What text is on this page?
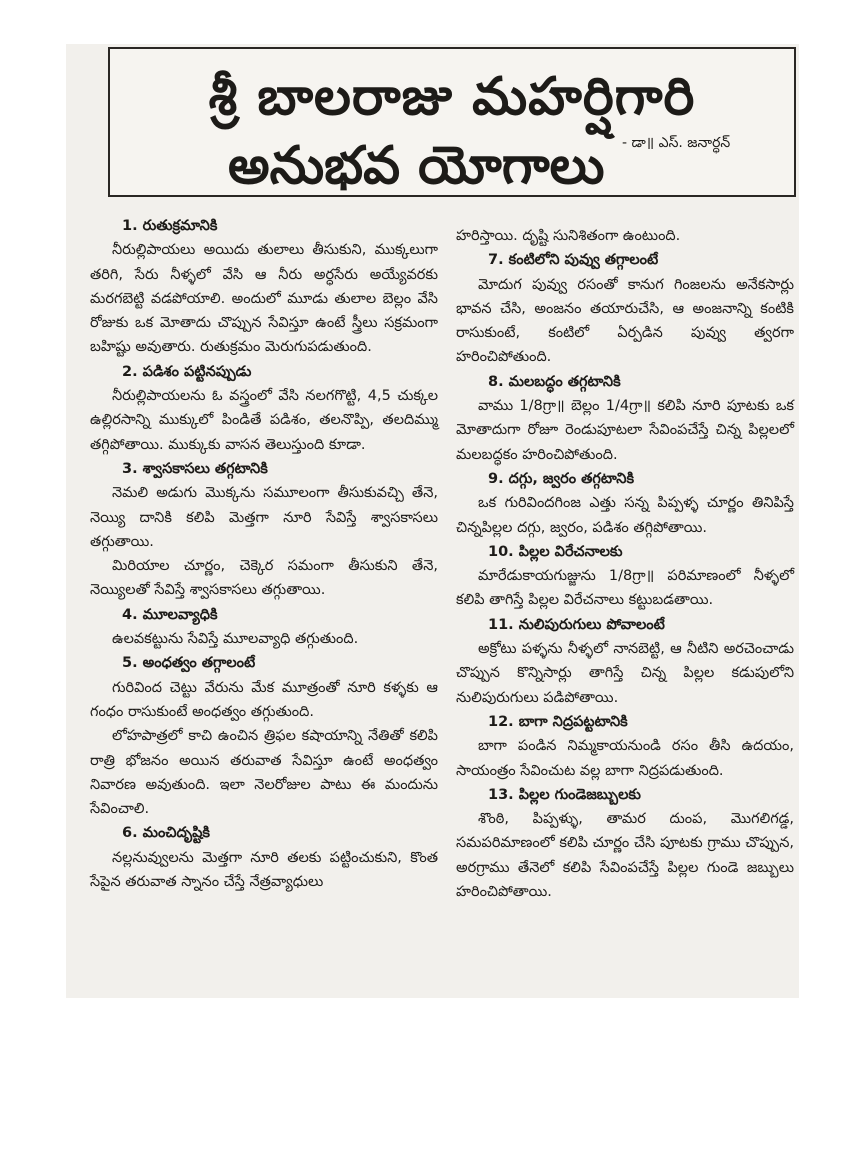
శ్రీ బాలరాజు మహర్షిగారి
అనుభవ యోగాలు - డా॥ ఎస్. జనార్ధన్
1. రుతుక్రమానికి

నీరుల్లిపాయలు అయిదు తులాలు తీసుకుని, ముక్కలుగా తరిగి, సేరు నీళ్ళలో వేసి ఆ నీరు అర్ధసేరు అయ్యేవరకు మరగబెట్టి వడపోయాలి. అందులో మూడు తులాల బెల్లం వేసి రోజుకు ఒక మోతాదు చొప్పున సేవిస్తూ ఉంటే స్త్రీలు సక్రమంగా బహిష్టు అవుతారు. రుతుక్రమం మెరుగుపడుతుంది.

2. పడిశం పట్టినప్పుడు

నీరుల్లిపాయలను ఓ వస్త్రంలో వేసి నలగగొట్టి, 4,5 చుక్కల ఉల్లిరసాన్ని ముక్కులో పిండితే పడిశం, తలనొప్పి, తలదిమ్ము తగ్గిపోతాయి. ముక్కుకు వాసన తెలుస్తుంది కూడా.

3. శ్వాసకాసలు తగ్గటానికి

నెమలి అడుగు మొక్కను సమూలంగా తీసుకువచ్చి తేనె, నెయ్యి దానికి కలిపి మెత్తగా నూరి సేవిస్తే శ్వాసకాసలు తగ్గుతాయి.

మిరియాల చూర్ణం, చెక్కెర సమంగా తీసుకుని తేనె, నెయ్యిలతో సేవిస్తే శ్వాసకాసలు తగ్గుతాయి.

4. మూలవ్యాధికి

ఉలవకట్టును సేవిస్తే మూలవ్యాధి తగ్గుతుంది.

5. అంధత్వం తగ్గాలంటే

గురివింద చెట్టు వేరును మేక మూత్రంతో నూరి కళ్ళకు ఆ గంధం రాసుకుంటే అంధత్వం తగ్గుతుంది.

లోహపాత్రలో కాచి ఉంచిన త్రిఫల కషాయాన్ని నేతితో కలిపి రాత్రి భోజనం అయిన తరువాత సేవిస్తూ ఉంటే అంధత్వం నివారణ అవుతుంది. ఇలా నెలరోజుల పాటు ఈ మందును సేవించాలి.

6. మంచిదృష్టికి

నల్లనువ్వులను మెత్తగా నూరి తలకు పట్టించుకుని, కొంత సేపైన తరువాత స్నానం చేస్తే నేత్రవ్యాధులు

హరిస్తాయి. దృష్టి సునిశితంగా ఉంటుంది.

7. కంటిలోని పువ్వు తగ్గాలంటే

మోదుగ పువ్వు రసంతో కానుగ గింజలను అనేకసార్లు భావన చేసి, అంజనం తయారుచేసి, ఆ అంజనాన్ని కంటికి రాసుకుంటే, కంటిలో ఏర్పడిన పువ్వు త్వరగా హరించిపోతుంది.

8. మలబద్ధం తగ్గటానికి

వాము 1/8గ్రా॥ బెల్లం 1/4గ్రా॥ కలిపి నూరి పూటకు ఒక మోతాదుగా రోజూ రెండుపూటలా సేవింపచేస్తే చిన్న పిల్లలలో మలబద్ధకం హరించిపోతుంది.

9. దగ్గు, జ్వరం తగ్గటానికి

ఒక గురివిందగింజ ఎత్తు సన్న పిప్పళ్ళ చూర్ణం తినిపిస్తే చిన్నపిల్లల దగ్గు, జ్వరం, పడిశం తగ్గిపోతాయి.

10. పిల్లల విరేచనాలకు

మారేడుకాయగుజ్జును 1/8గ్రా॥ పరిమాణంలో నీళ్ళలో కలిపి తాగిస్తే పిల్లల విరేచనాలు కట్టుబడతాయి.

11. నులిపురుగులు పోవాలంటే

అక్రోటు పళ్ళను నీళ్ళలో నానబెట్టి, ఆ నీటిని అరచెంచాడు చొప్పున కొన్నిసార్లు తాగిస్తే చిన్న పిల్లల కడుపులోని నులిపురుగులు పడిపోతాయి.

12. బాగా నిద్రపట్టటానికి

బాగా పండిన నిమ్మకాయనుండి రసం తీసి ఉదయం, సాయంత్రం సేవించుట వల్ల బాగా నిద్రపడుతుంది.

13. పిల్లల గుండెజబ్బులకు

శొంఠి, పిప్పళ్ళు, తామర దుంప, మొగలిగడ్డ, సమపరిమాణంలో కలిపి చూర్ణం చేసి పూటకు గ్రాము చొప్పున, అరగ్రాము తేనెలో కలిపి సేవింపచేస్తే పిల్లల గుండె జబ్బులు హరించిపోతాయి.
